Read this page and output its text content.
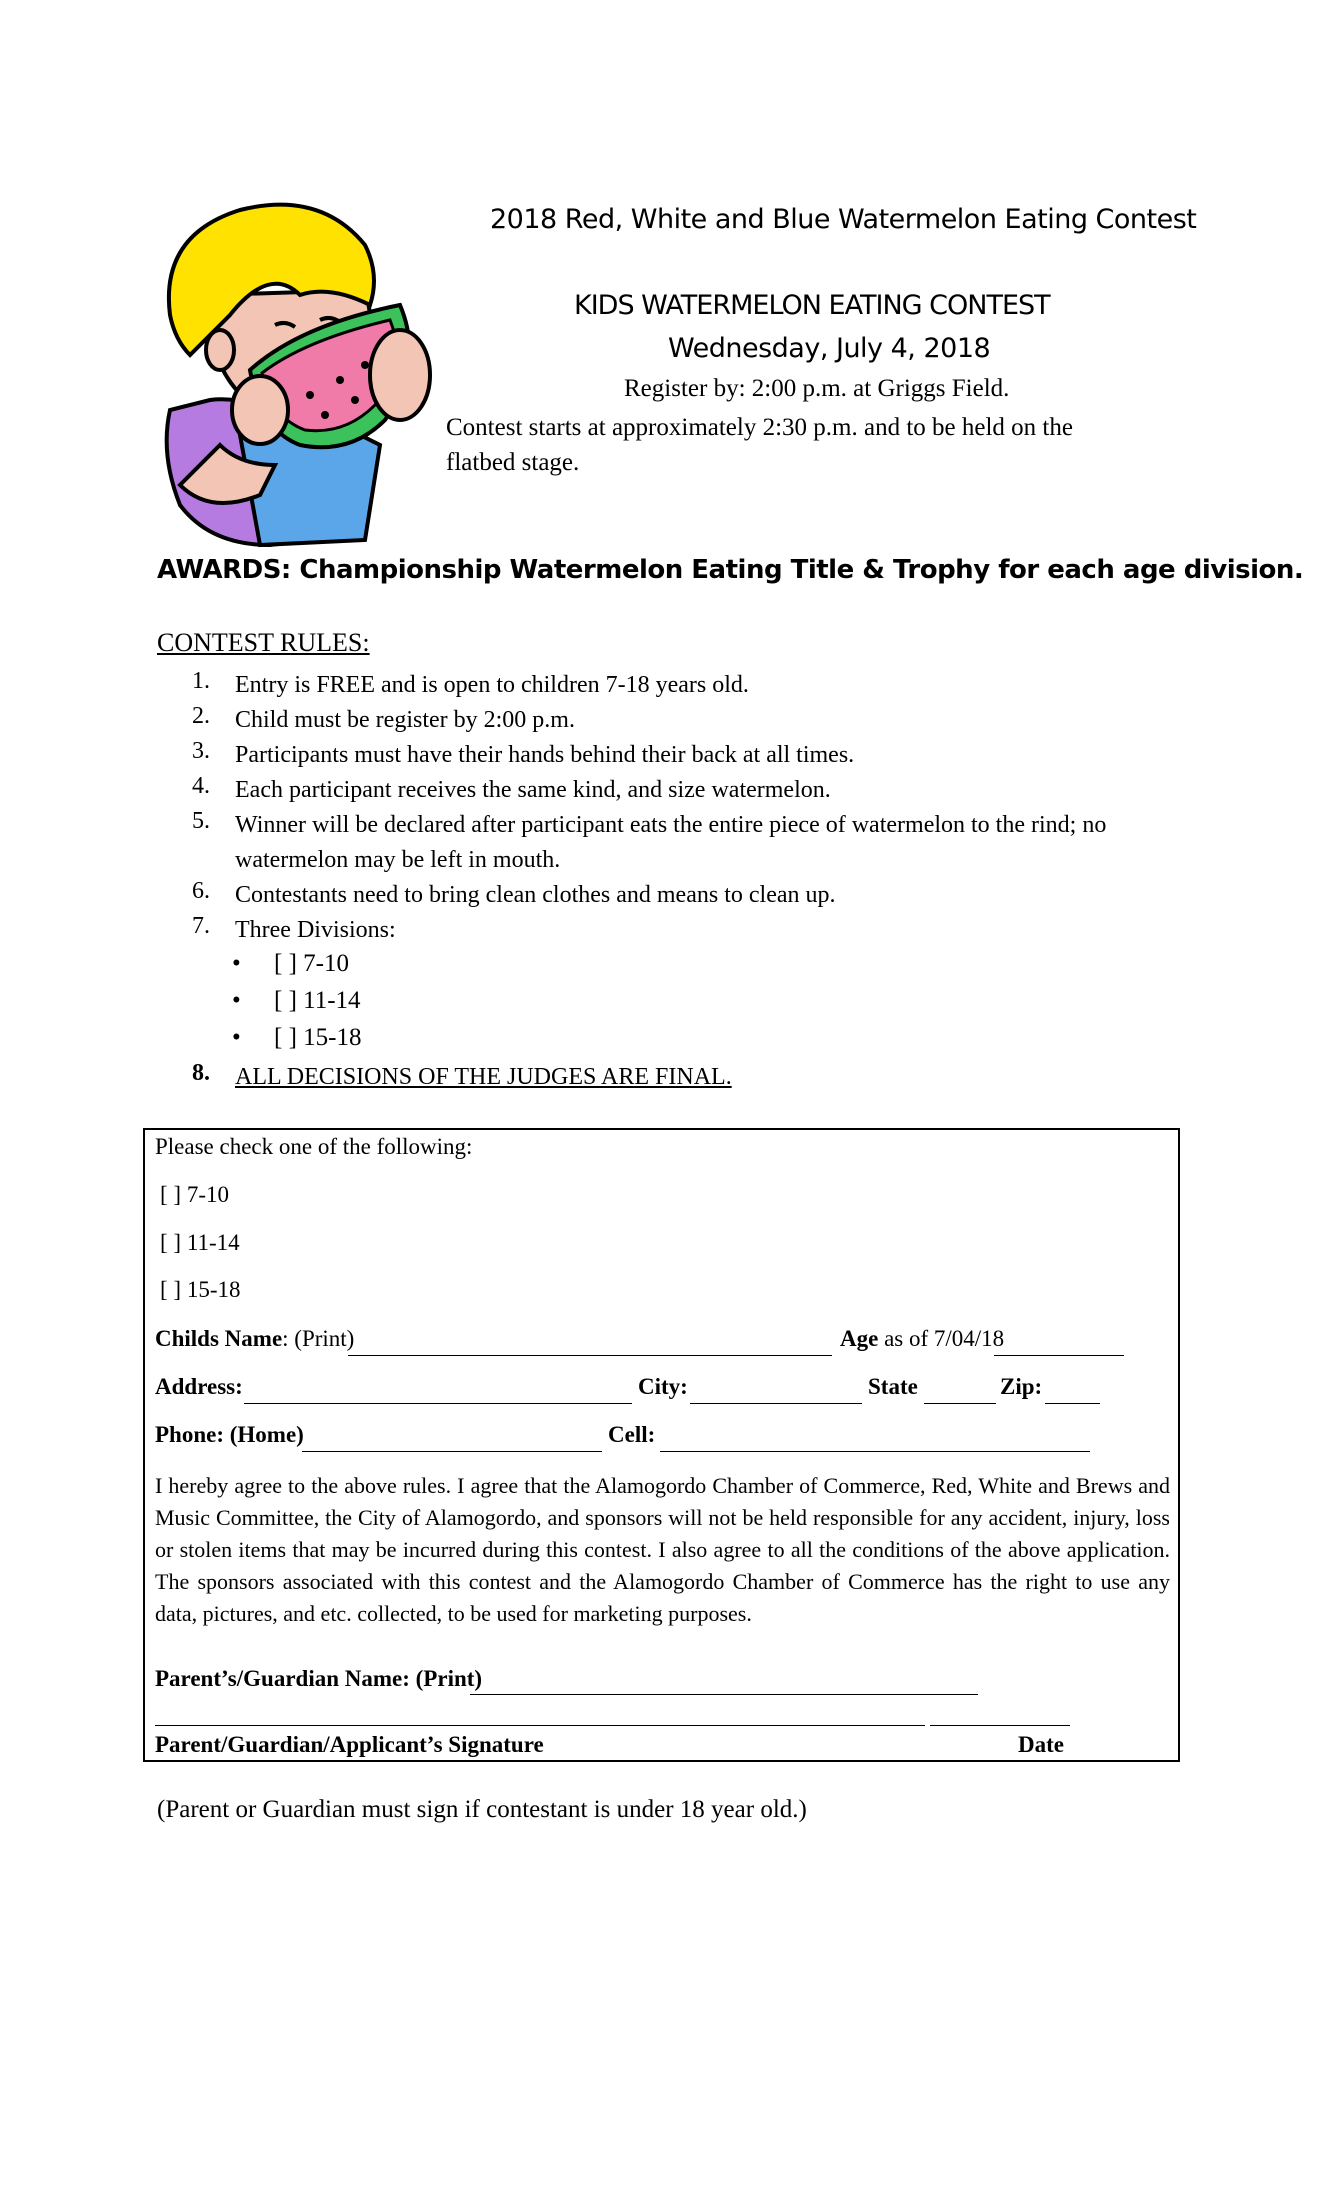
2018 Red, White and Blue Watermelon Eating Contest
KIDS WATERMELON EATING CONTEST
Wednesday, July 4, 2018
Register by: 2:00 p.m. at Griggs Field.
Contest starts at approximately 2:30 p.m. and to be held on the flatbed stage.
AWARDS: Championship Watermelon Eating Title & Trophy for each age division.
CONTEST RULES:
1.	Entry is FREE and is open to children 7-18 years old.
2.	Child must be register by 2:00 p.m.
3.	Participants must have their hands behind their back at all times.
4.	Each participant receives the same kind, and size watermelon.
5.	Winner will be declared after participant eats the entire piece of watermelon to the rind; no watermelon may be left in mouth.
6.	Contestants need to bring clean clothes and means to clean up.
7.	Three Divisions:
• [ ] 7-10
• [ ] 11-14
• [ ] 15-18
8.	ALL DECISIONS OF THE JUDGES ARE FINAL.
Please check one of the following:
[ ] 7-10
[ ] 11-14
[ ] 15-18
Childs Name: (Print)	Age as of 7/04/18
Address:	City:	State	Zip:
Phone: (Home)	Cell:
I hereby agree to the above rules. I agree that the Alamogordo Chamber of Commerce, Red, White and Brews and Music Committee, the City of Alamogordo, and sponsors will not be held responsible for any accident, injury, loss or stolen items that may be incurred during this contest. I also agree to all the conditions of the above application. The sponsors associated with this contest and the Alamogordo Chamber of Commerce has the right to use any data, pictures, and etc. collected, to be used for marketing purposes.
Parent’s/Guardian Name: (Print)
Parent/Guardian/Applicant’s Signature	Date
(Parent or Guardian must sign if contestant is under 18 year old.)
